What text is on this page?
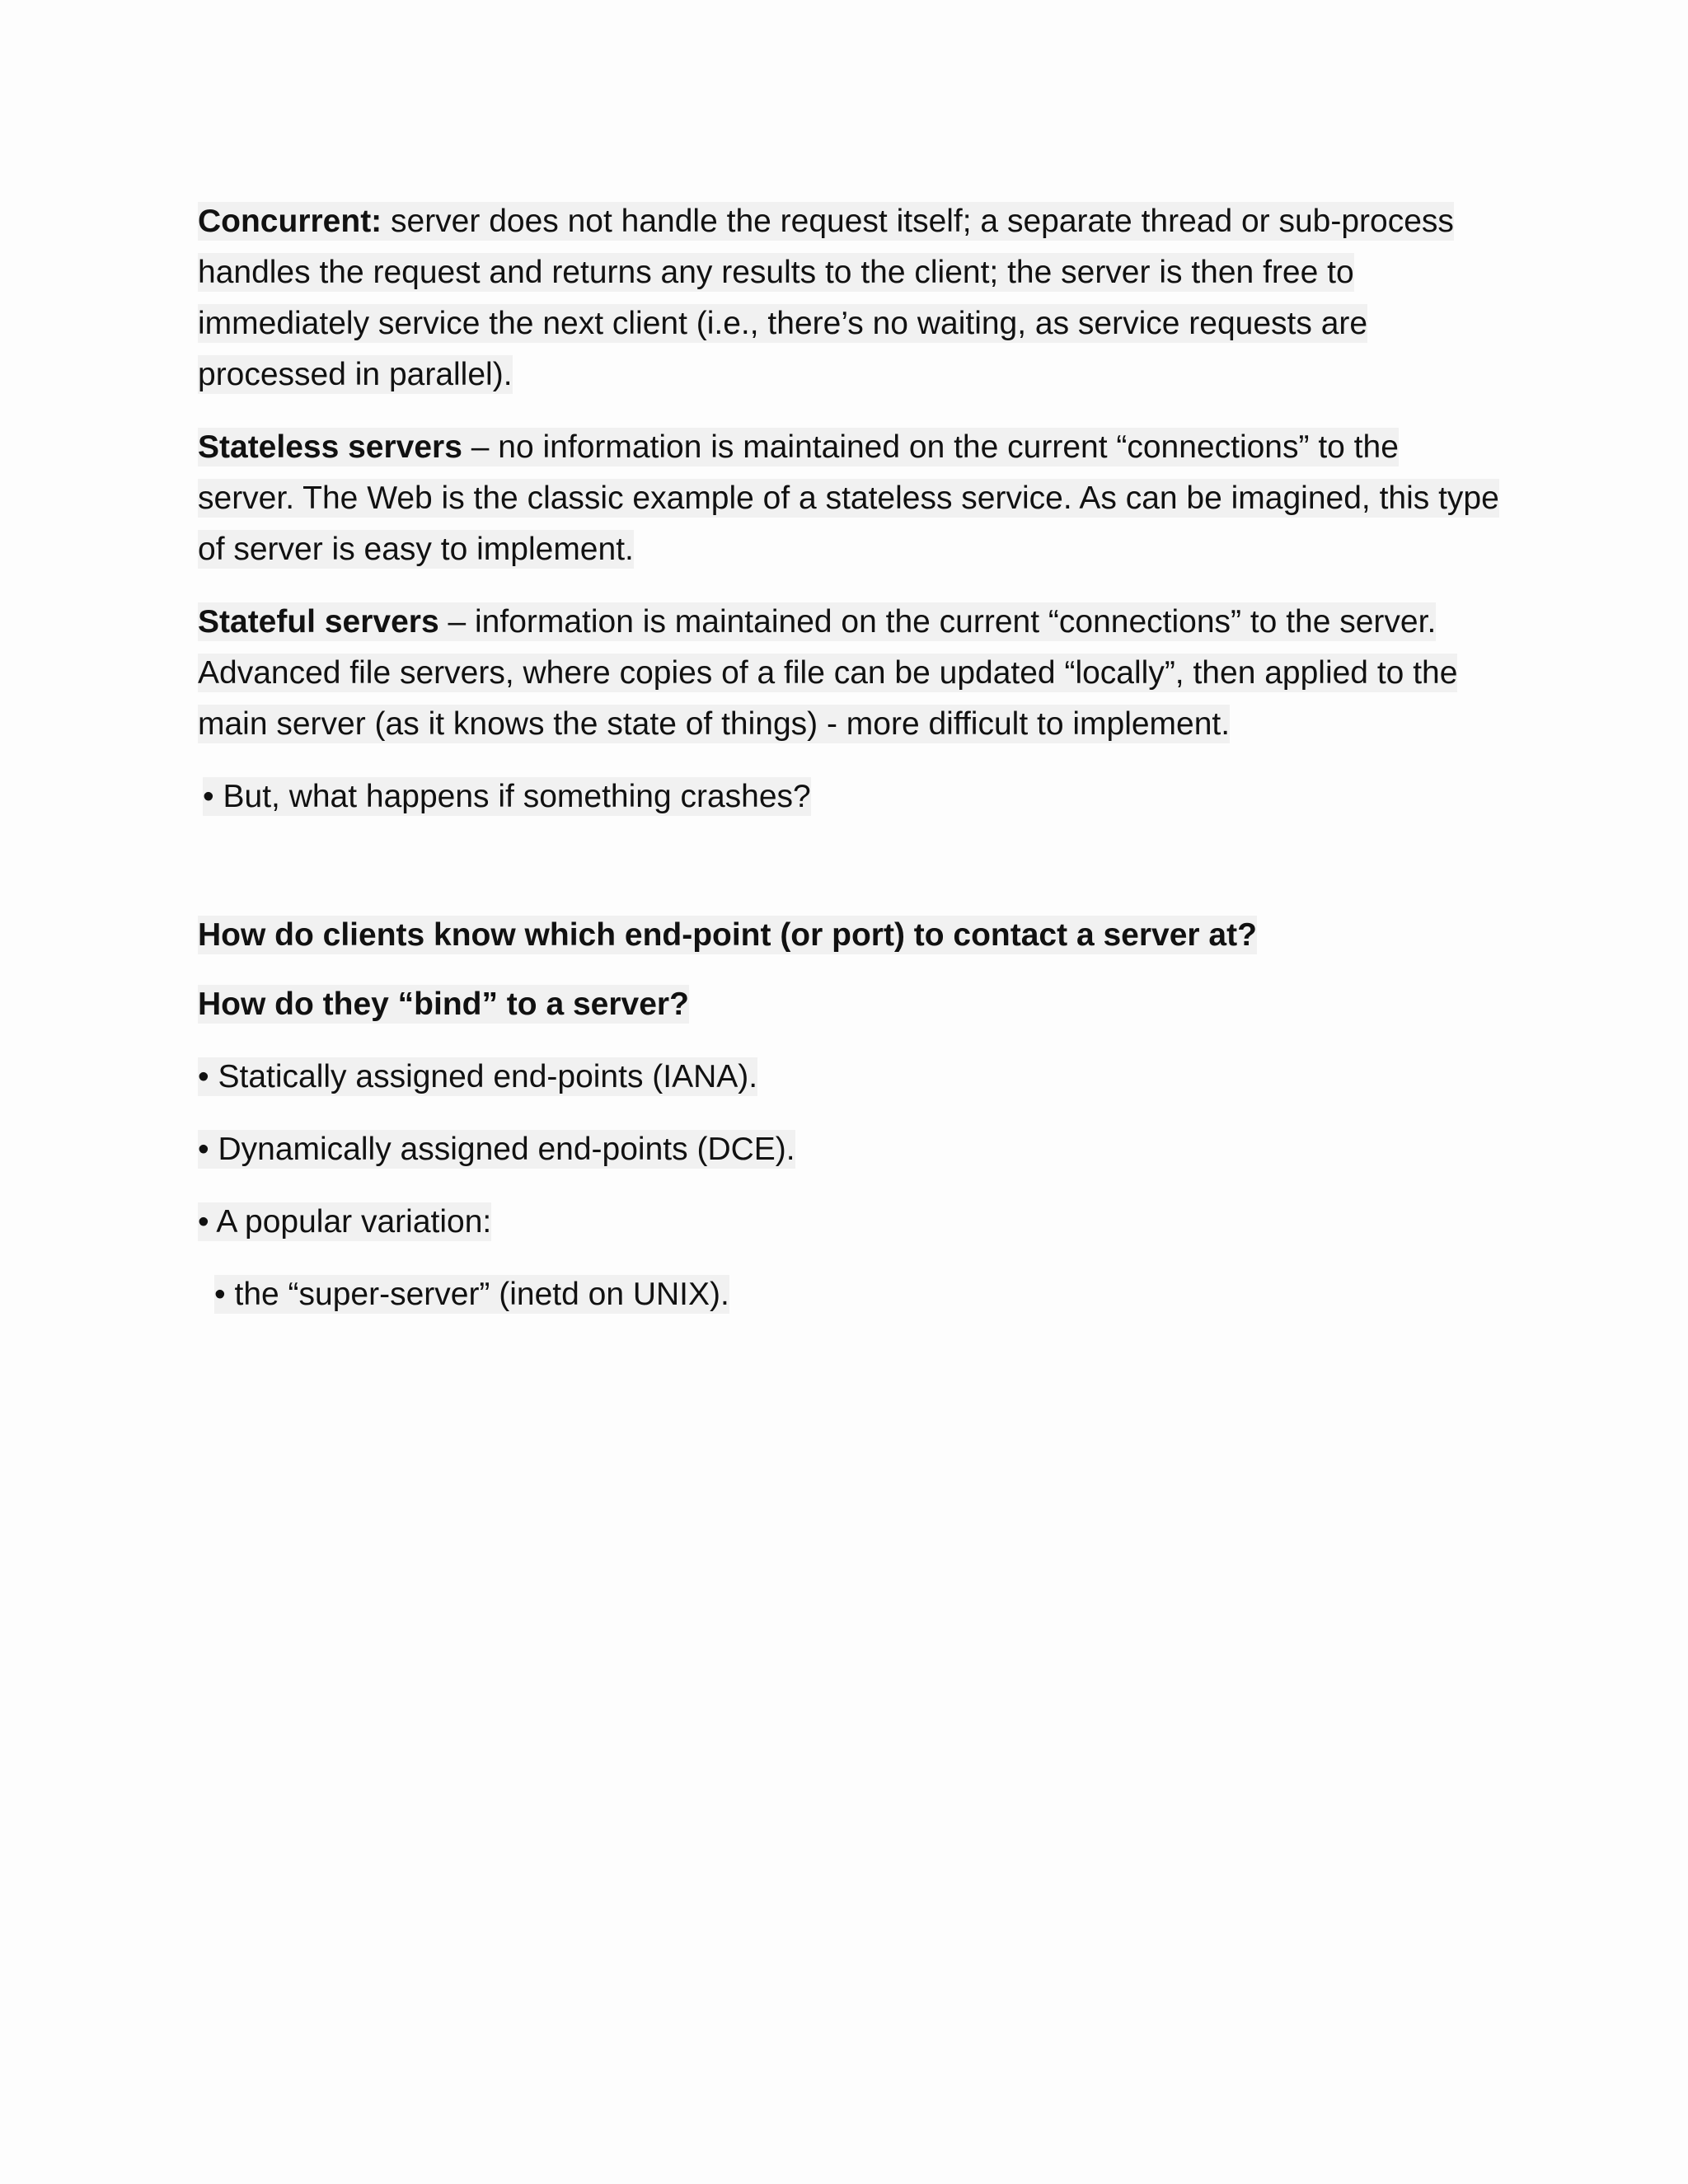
Concurrent: server does not handle the request itself; a separate thread or sub-process handles the request and returns any results to the client; the server is then free to immediately service the next client (i.e., there’s no waiting, as service requests are processed in parallel).

Stateless servers – no information is maintained on the current “connections” to the server. The Web is the classic example of a stateless service. As can be imagined, this type of server is easy to implement.

Stateful servers – information is maintained on the current “connections” to the server. Advanced file servers, where copies of a file can be updated “locally”, then applied to the main server (as it knows the state of things) - more difficult to implement.

• But, what happens if something crashes?

How do clients know which end-point (or port) to contact a server at?

How do they “bind” to a server?

• Statically assigned end-points (IANA).

• Dynamically assigned end-points (DCE).

• A popular variation:

• the “super-server” (inetd on UNIX).
